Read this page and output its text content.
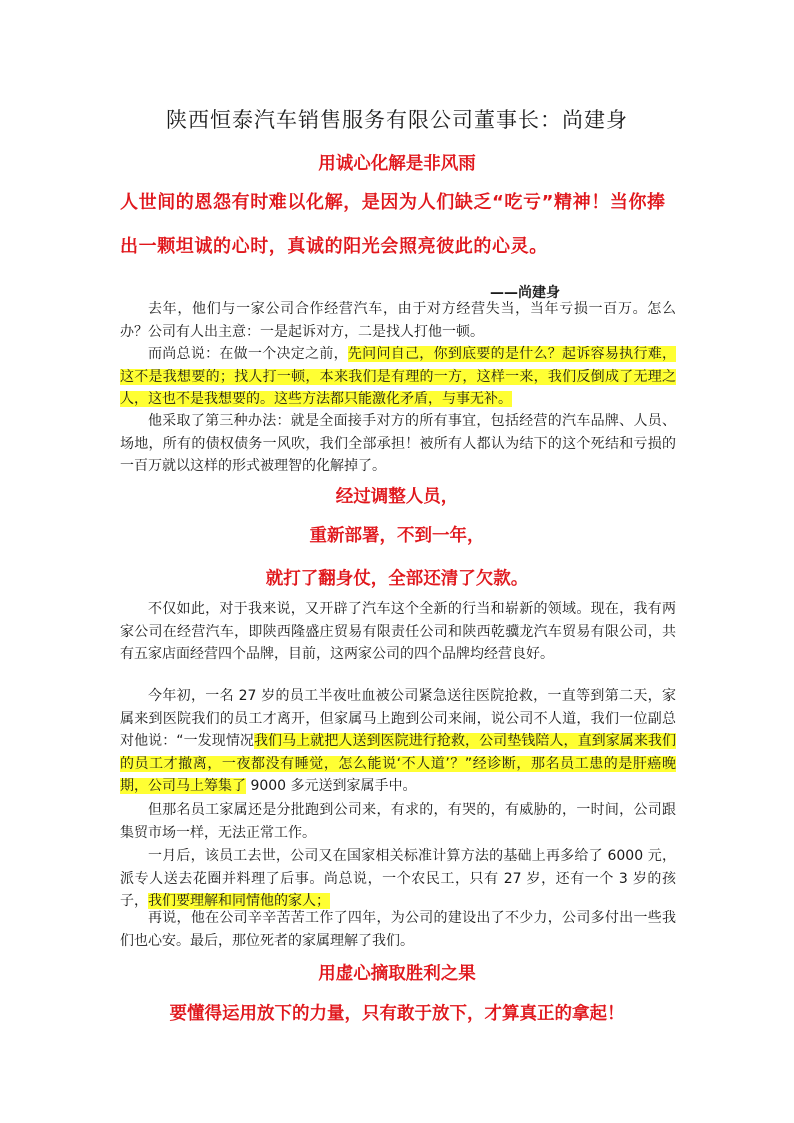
陕西恒泰汽车销售服务有限公司董事长：尚建身
用诚心化解是非风雨
人世间的恩怨有时难以化解，是因为人们缺乏“吃亏”精神！当你捧
出一颗坦诚的心时，真诚的阳光会照亮彼此的心灵。
——尚建身
去年，他们与一家公司合作经营汽车，由于对方经营失当，当年亏损一百万。怎么办？公司有人出主意：一是起诉对方，二是找人打他一顿。
而尚总说：在做一个决定之前，先问问自己，你到底要的是什么？起诉容易执行难，这不是我想要的；找人打一顿，本来我们是有理的一方，这样一来，我们反倒成了无理之人，这也不是我想要的。这些方法都只能激化矛盾，与事无补。
他采取了第三种办法：就是全面接手对方的所有事宜，包括经营的汽车品牌、人员、场地，所有的债权债务一风吹，我们全部承担！被所有人都认为结下的这个死结和亏损的一百万就以这样的形式被理智的化解掉了。
经过调整人员，
重新部署，不到一年，
就打了翻身仗，全部还清了欠款。
不仅如此，对于我来说，又开辟了汽车这个全新的行当和崭新的领域。现在，我有两家公司在经营汽车，即陕西隆盛庄贸易有限责任公司和陕西乾骥龙汽车贸易有限公司，共有五家店面经营四个品牌，目前，这两家公司的四个品牌均经营良好。
今年初，一名 27 岁的员工半夜吐血被公司紧急送往医院抢救，一直等到第二天，家属来到医院我们的员工才离开，但家属马上跑到公司来闹，说公司不人道，我们一位副总对他说：“一发现情况我们马上就把人送到医院进行抢救，公司垫钱陪人，直到家属来我们的员工才撤离，一夜都没有睡觉，怎么能说‘不人道’？”经诊断，那名员工患的是肝癌晚期，公司马上筹集了 9000 多元送到家属手中。
但那名员工家属还是分批跑到公司来，有求的，有哭的，有威胁的，一时间，公司跟集贸市场一样，无法正常工作。
一月后，该员工去世，公司又在国家相关标准计算方法的基础上再多给了 6000 元，派专人送去花圈并料理了后事。尚总说，一个农民工，只有 27 岁，还有一个 3 岁的孩子，我们要理解和同情他的家人；
再说，他在公司辛辛苦苦工作了四年，为公司的建设出了不少力，公司多付出一些我们也心安。最后，那位死者的家属理解了我们。
用虚心摘取胜利之果
要懂得运用放下的力量，只有敢于放下，才算真正的拿起！
